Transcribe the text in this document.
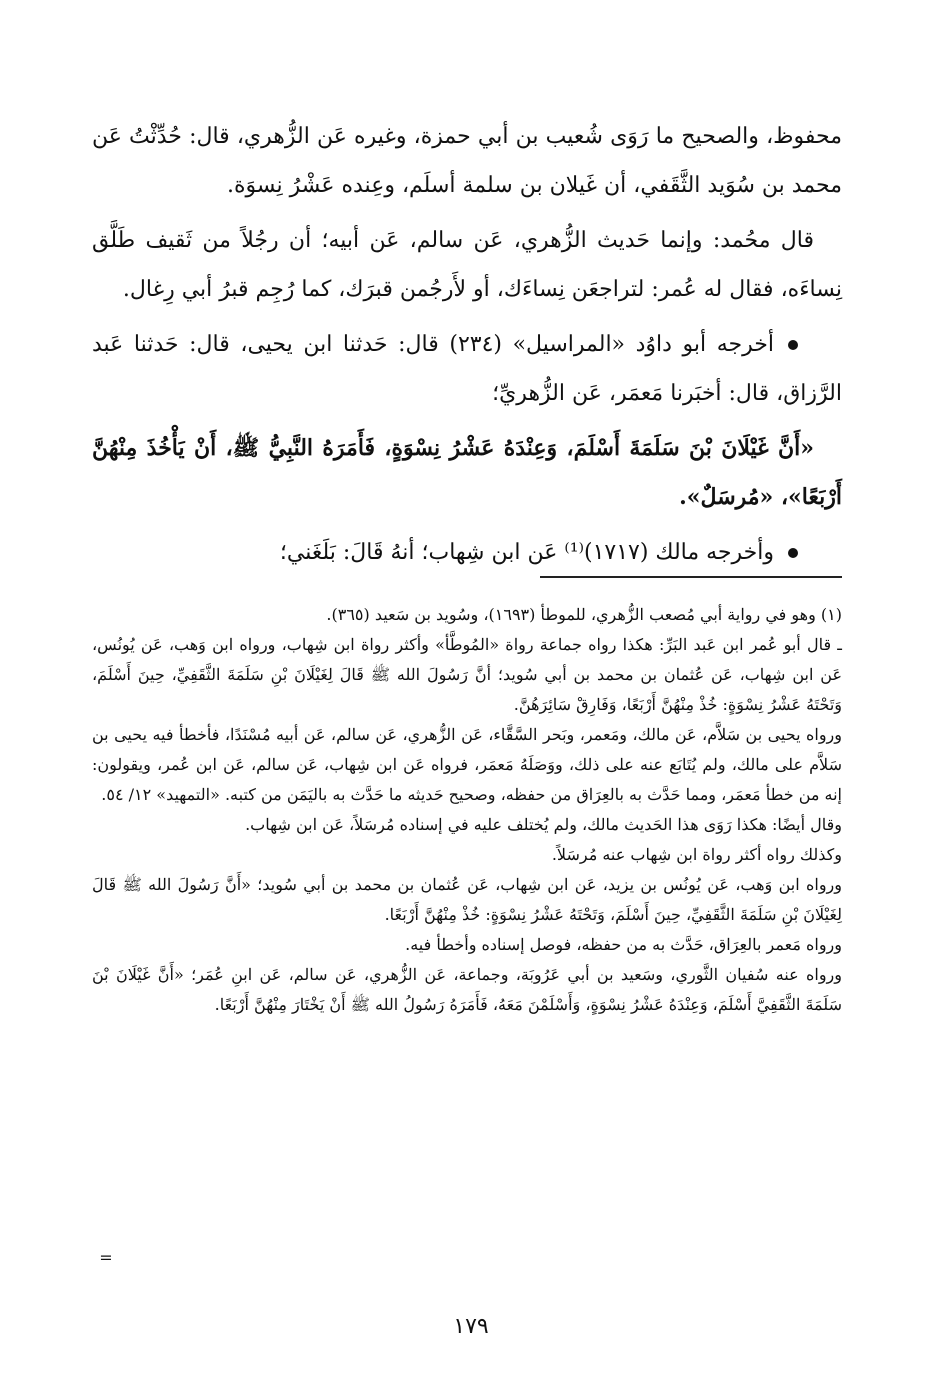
محفوظ، والصحيح ما رَوَى شُعيب بن أبي حمزة، وغيره عَن الزُّهري، قال: حُدِّثْتُ عَن محمد بن سُوَيد الثَّقَفي، أن غَيلان بن سلمة أسلَم، وعِنده عَشْرُ نِسوَة.

قال محُمد: وإنما حَديث الزُّهري، عَن سالم، عَن أبيه؛ أن رجُلاً من ثَقيف طَلَّق نِساءَه، فقال له عُمر: لتراجعَن نِساءَك، أو لأَرجُمن قبرَك، كما رُجِم قبرُ أبي رِغال.

أخرجه أبو داوُد «المراسيل» (٢٣٤) قال: حَدثنا ابن يحيى، قال: حَدثنا عَبد الرَّزاق، قال: أخبَرنا مَعمَر، عَن الزُّهريِّ؛

«أَنَّ غَيْلَانَ بْنَ سَلَمَةَ أَسْلَمَ، وَعِنْدَهُ عَشْرُ نِسْوَةٍ، فَأَمَرَهُ النَّبِيُّ ﷺ، أَنْ يَأْخُذَ مِنْهُنَّ أَرْبَعًا»، «مُرسَلٌ».

وأخرجه مالك (١٧١٧)⁽¹⁾ عَن ابن شِهاب؛ أنهُ قَالَ: بَلَغَني؛

(١) وهو في رواية أبي مُصعب الزُّهري، للموطأ (١٦٩٣)، وسُويد بن سَعيد (٣٦٥).

ـ قال أبو عُمر ابن عَبد البَرِّ: هكذا رواه جماعة رواة «المُوطَّأ» وأكثر رواة ابن شِهاب، ورواه ابن وَهب، عَن يُونُس، عَن ابن شِهاب، عَن عُثمان بن محمد بن أبي سُويد؛ أنَّ رَسُولَ الله ﷺ قَالَ لِغَيْلَانَ بْنِ سَلَمَةَ الثَّقَفِيِّ، حِينَ أَسْلَمَ، وَتَحْتَهُ عَشْرُ نِسْوَةٍ: خُذْ مِنْهُنَّ أَرْبَعًا، وَفَارِقْ سَائِرَهُنَّ.

ورواه يحيى بن سَلاَّم، عَن مالك، ومَعمر، وبَحر السَّقَّاء، عَن الزُّهري، عَن سالم، عَن أبيه مُسْنَدًا، فأخطأ فيه يحيى بن سَلاَّم على مالك، ولم يُتَابَع عنه على ذلك، ووَصَلَهُ مَعمَر، فرواه عَن ابن شِهاب، عَن سالم، عَن ابن عُمر، ويقولون: إنه من خطأ مَعمَر، ومما حَدَّث به بالعِرَاق من حفظه، وصحيح حَديثه ما حَدَّث به باليَمَن من كتبه. «التمهيد» ١٢/ ٥٤.

وقال أيضًا: هكذا رَوَى هذا الحَديث مالك، ولم يُختلف عليه في إسناده مُرسَلاً، عَن ابن شِهاب.

وكذلك رواه أكثر رواة ابن شِهاب عنه مُرسَلاً.

ورواه ابن وَهب، عَن يُونُس بن يزيد، عَن ابن شِهاب، عَن عُثمان بن محمد بن أبي سُويد؛ «أَنَّ رَسُولَ الله ﷺ قَالَ لِغَيْلَانَ بْنِ سَلَمَةَ الثَّقَفِيِّ، حِينَ أَسْلَمَ، وَتَحْتَهُ عَشْرُ نِسْوَةٍ: خُذْ مِنْهُنَّ أَرْبَعًا.

ورواه مَعمر بالعِرَاق، حَدَّث به من حفظه، فوصل إسناده وأخطأ فيه.

ورواه عنه سُفيان الثَّوري، وسَعيد بن أبي عَرُوبَة، وجماعة، عَن الزُّهري، عَن سالم، عَن ابنِ عُمَر؛ «أَنَّ غَيْلَانَ بْنَ سَلَمَةَ الثَّقَفِيَّ أَسْلَمَ، وَعِنْدَهُ عَشْرُ نِسْوَةٍ، وَأَسْلَمْنَ مَعَهُ، فَأَمَرَهُ رَسُولُ الله ﷺ أَنْ يَخْتَارَ مِنْهُنَّ أَرْبَعًا.

=
١٧٩
